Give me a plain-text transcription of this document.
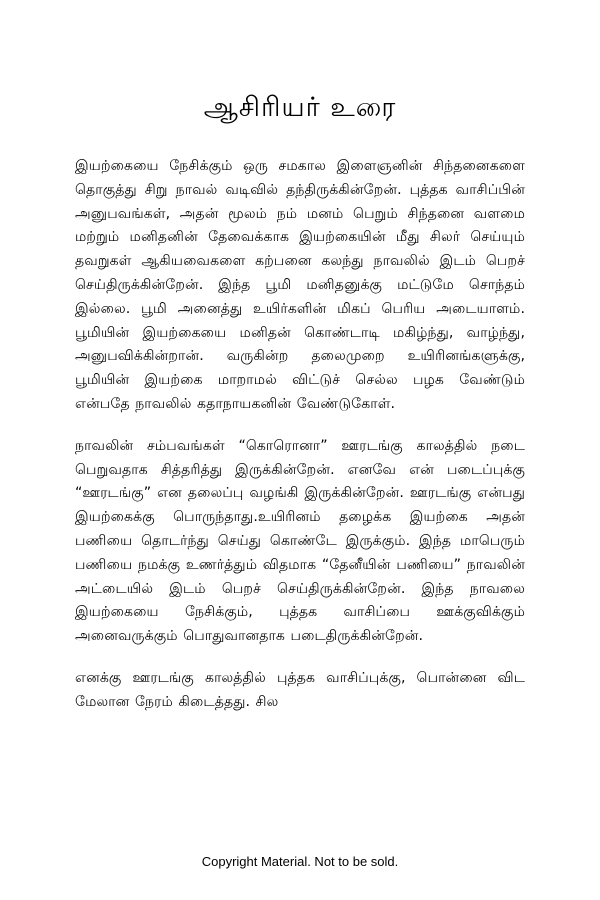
ஆசிரியர் உரை

இயற்கையை நேசிக்கும் ஒரு சமகால இளைஞனின் சிந்தனைகளை தொகுத்து சிறு நாவல் வடிவில் தந்திருக்கின்றேன். புத்தக வாசிப்பின் அனுபவங்கள், அதன் மூலம் நம் மனம் பெறும் சிந்தனை வளமை மற்றும் மனிதனின் தேவைக்காக இயற்கையின் மீது சிலர் செய்யும் தவறுகள் ஆகியவைகளை கற்பனை கலந்து நாவலில் இடம் பெறச் செய்திருக்கின்றேன். இந்த பூமி மனிதனுக்கு மட்டுமே சொந்தம் இல்லை. பூமி அனைத்து உயிர்களின் மிகப் பெரிய அடையாளம். பூமியின் இயற்கையை மனிதன் கொண்டாடி மகிழ்ந்து, வாழ்ந்து, அனுபவிக்கின்றான். வருகின்ற தலைமுறை உயிரினங்களுக்கு, பூமியின் இயற்கை மாறாமல் விட்டுச் செல்ல பழக வேண்டும் என்பதே நாவலில் கதாநாயகனின் வேண்டுகோள்.

நாவலின் சம்பவங்கள் “கொரொனா” ஊரடங்கு காலத்தில் நடை பெறுவதாக சித்தரித்து இருக்கின்றேன். எனவே என் படைப்புக்கு “ஊரடங்கு” என தலைப்பு வழங்கி இருக்கின்றேன். ஊரடங்கு என்பது இயற்கைக்கு பொருந்தாது.உயிரினம் தழைக்க இயற்கை அதன் பணியை தொடர்ந்து செய்து கொண்டே இருக்கும். இந்த மாபெரும் பணியை நமக்கு உணர்த்தும் விதமாக “தேனீயின் பணியை” நாவலின் அட்டையில் இடம் பெறச் செய்திருக்கின்றேன். இந்த நாவலை இயற்கையை நேசிக்கும், புத்தக வாசிப்பை ஊக்குவிக்கும் அனைவருக்கும் பொதுவானதாக படைதிருக்கின்றேன்.

எனக்கு ஊரடங்கு காலத்தில் புத்தக வாசிப்புக்கு, பொன்னை விட மேலான நேரம் கிடைத்தது. சில

Copyright Material. Not to be sold.
